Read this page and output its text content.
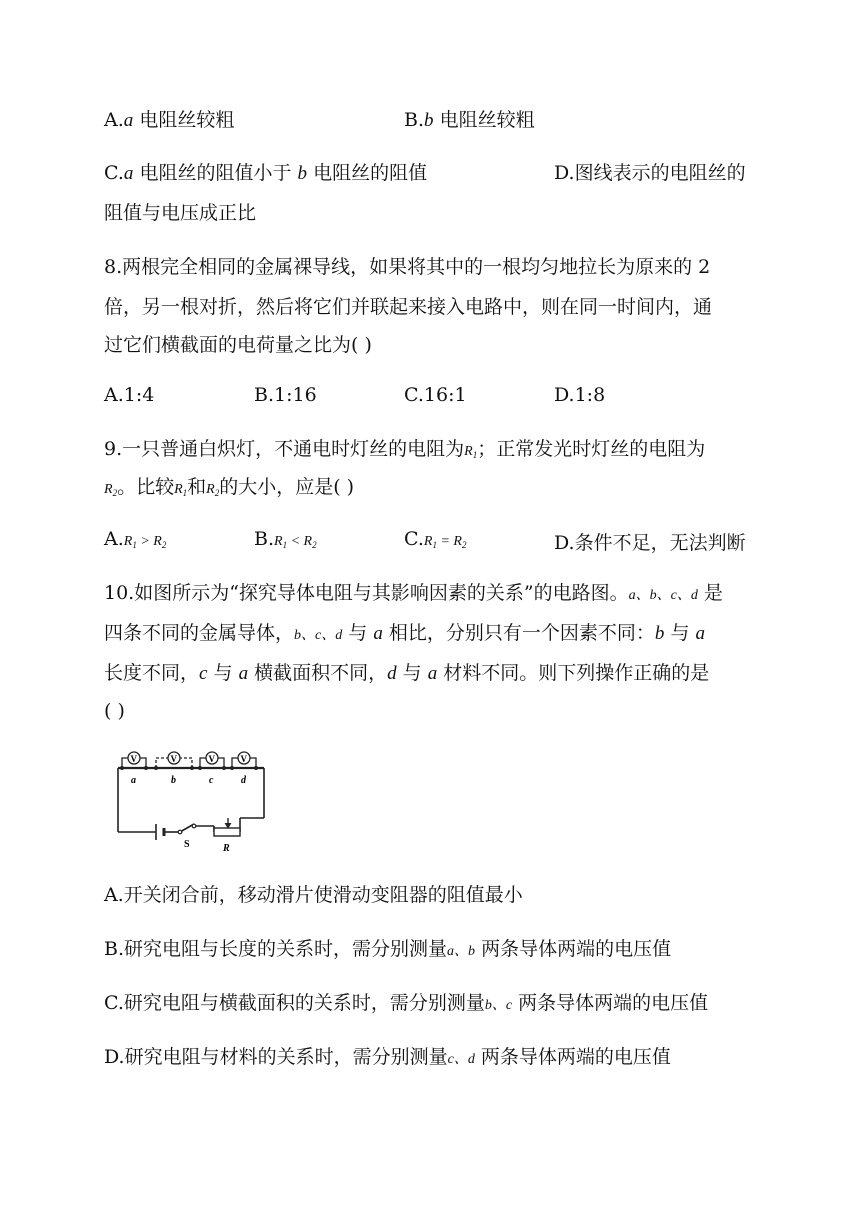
A.a 电阻丝较粗	B.b 电阻丝较粗
C.a 电阻丝的阻值小于 b 电阻丝的阻值	D.图线表示的电阻丝的
阻值与电压成正比
8.两根完全相同的金属裸导线，如果将其中的一根均匀地拉长为原来的 2
倍，另一根对折，然后将它们并联起来接入电路中，则在同一时间内，通
过它们横截面的电荷量之比为( )
A.1:4	B.1:16	C.16:1	D.1:8
9.一只普通白炽灯，不通电时灯丝的电阻为$R_1$；正常发光时灯丝的电阻为
$R_2$。比较$R_1$和$R_2$的大小，应是( )
$A.R_1 > R_2$	$B.R_1 < R_2$	$C.R_1 = R_2$	D.条件不足，无法判断
10.如图所示为“探究导体电阻与其影响因素的关系”的电路图。a、b、c、d 是
四条不同的金属导体，b、c、d 与 a 相比，分别只有一个因素不同：b 与 a
长度不同，c 与 a 横截面积不同，d 与 a 材料不同。则下列操作正确的是
( )
S	R
V
a
V
b
V
c
V
d
A.开关闭合前，移动滑片使滑动变阻器的阻值最小
B.研究电阻与长度的关系时，需分别测量a、b 两条导体两端的电压值
C.研究电阻与横截面积的关系时，需分别测量b、c 两条导体两端的电压值
D.研究电阻与材料的关系时，需分别测量c、d 两条导体两端的电压值
